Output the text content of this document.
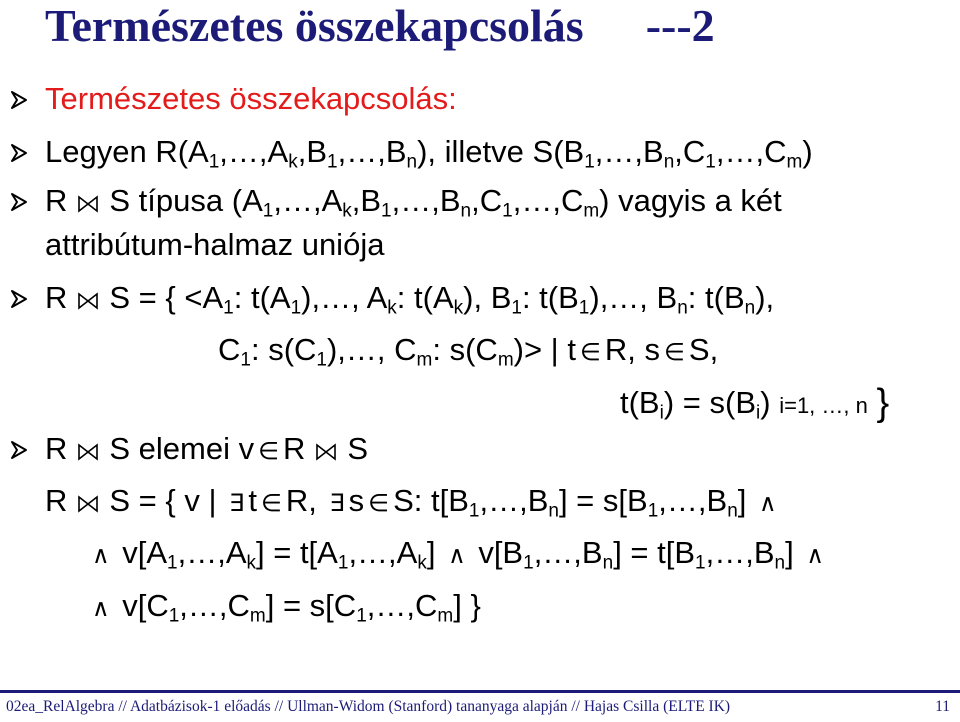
Természetes összekapcsolás ---2
Természetes összekapcsolás:
Legyen $R(A_1,\dots,A_k,B_1,\dots,B_n)$, illetve $S(B_1,\dots,B_n,C_1,\dots,C_m)$
R S típusa $(A_1,\dots,A_k,B_1,\dots,B_n,C_1,\dots,C_m)$ vagyis a két
attribútum-halmaz uniója
R S = { $<A_1$: $t(A_1),\dots$, $A_k$: $t(A_k)$, $B_1$: $t(B_1),\dots$, $B_n$: $t(B_n)$,
$C_1$: $s(C_1),\dots$, $C_m$: $s(C_m)>$ | t ∈ R, s ∈ S,
$t(B_i) = s(B_i)$ i=1, …, n }
R S elemei v ∈ R S
R S = { v | ∃ t ∈ R, ∃ s ∈ S: $t[B_1,\dots,B_n]$ = $s[B_1,\dots,B_n]$ ∧
∧ $v[A_1,\dots,A_k]$ = $t[A_1,\dots,A_k]$ ∧ $v[B_1,\dots,B_n]$ = $t[B_1,\dots,B_n]$ ∧
∧ $v[C_1,\dots,C_m]$ = $s[C_1,\dots,C_m]$ }
02ea_RelAlgebra // Adatbázisok-1 előadás // Ullman-Widom (Stanford) tananyaga alapján // Hajas Csilla (ELTE IK)	11
